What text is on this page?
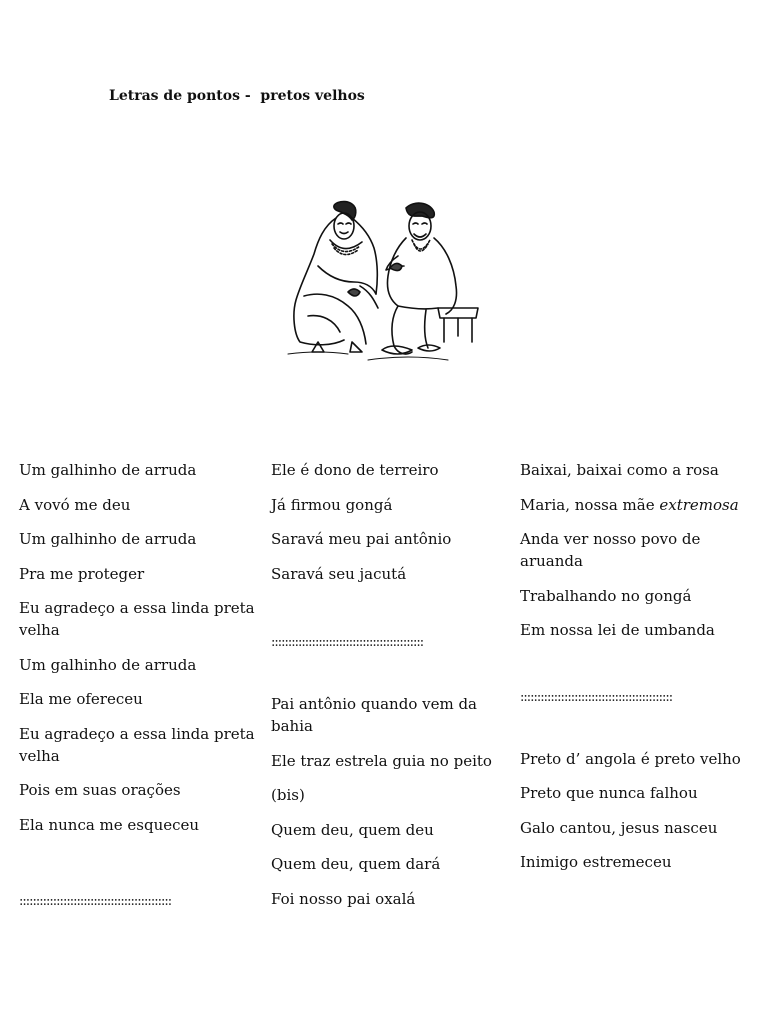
Letras de pontos -  pretos velhos
Um galhinho de arruda
A vovó me deu
Um galhinho de arruda
Pra me proteger
Eu agradeço a essa linda preta velha
Um galhinho de arruda
Ela me ofereceu
Eu agradeço a essa linda preta velha
Pois em suas orações
Ela nunca me esqueceu
:::::::::::::::::::::::::::::::::::::::::::::
Ele é dono de terreiro
Já firmou gongá
Saravá meu pai antônio
Saravá seu jacutá
:::::::::::::::::::::::::::::::::::::::::::::
Pai antônio quando vem da bahia
Ele traz estrela guia no peito
(bis)
Quem deu, quem deu
Quem deu, quem dará
Foi nosso pai oxalá
Baixai, baixai como a rosa
Maria, nossa mãe extremosa
Anda ver nosso povo de aruanda
Trabalhando no gongá
Em nossa lei de umbanda
:::::::::::::::::::::::::::::::::::::::::::::
Preto d’ angola é preto velho
Preto que nunca falhou
Galo cantou, jesus nasceu
Inimigo estremeceu
